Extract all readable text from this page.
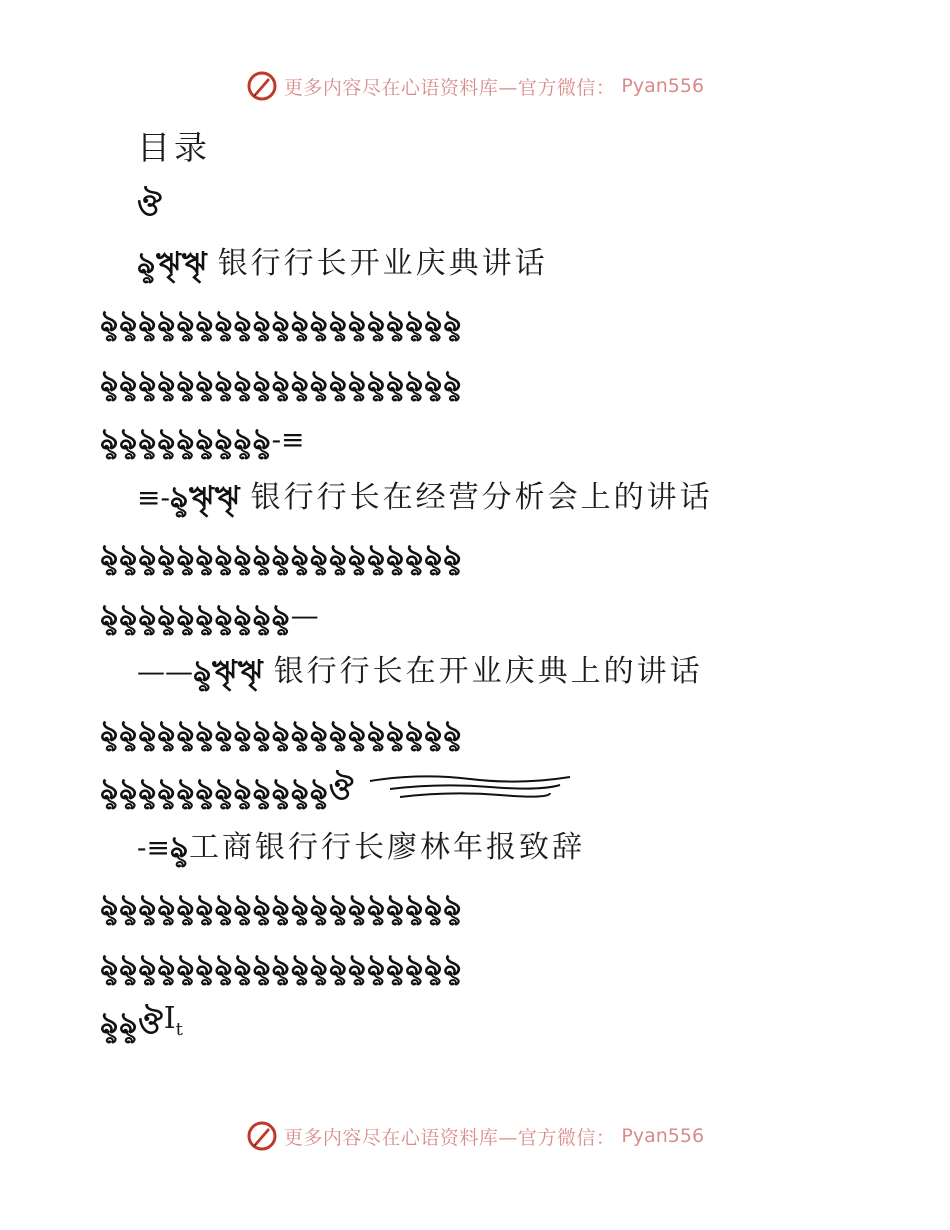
更多内容尽在心语资料库—官方微信： Pyan556
目录
ঔ
ৡৠৠ 银行行长开业庆典讲话
ৡৡৡৡৡৡৡৡৡৡৡৡৡৡৡৡৡৡৡ
ৡৡৡৡৡৡৡৡৡৡৡৡৡৡৡৡৡৡৡ
ৡৡৡৡৡৡৡৡৡ -≡
≡- ৡৠৠ 银行行长在经营分析会上的讲话
ৡৡৡৡৡৡৡৡৡৡৡৡৡৡৡৡৡৡৡ
ৡৡৡৡৡৡৡৡৡৡ —
—— ৡৠৠ 银行行长在开业庆典上的讲话
ৡৡৡৡৡৡৡৡৡৡৡৡৡৡৡৡৡৡৡ
ৡৡৡৡৡৡৡৡৡৡৡৡ ঔ
-≡ ৡ 工商银行行长廖林年报致辞
ৡৡৡৡৡৡৡৡৡৡৡৡৡৡৡৡৡৡৡ
ৡৡৡৡৡৡৡৡৡৡৡৡৡৡৡৡৡৡৡ
ৡৡ ঔ $I_t$
更多内容尽在心语资料库—官方微信： Pyan556
